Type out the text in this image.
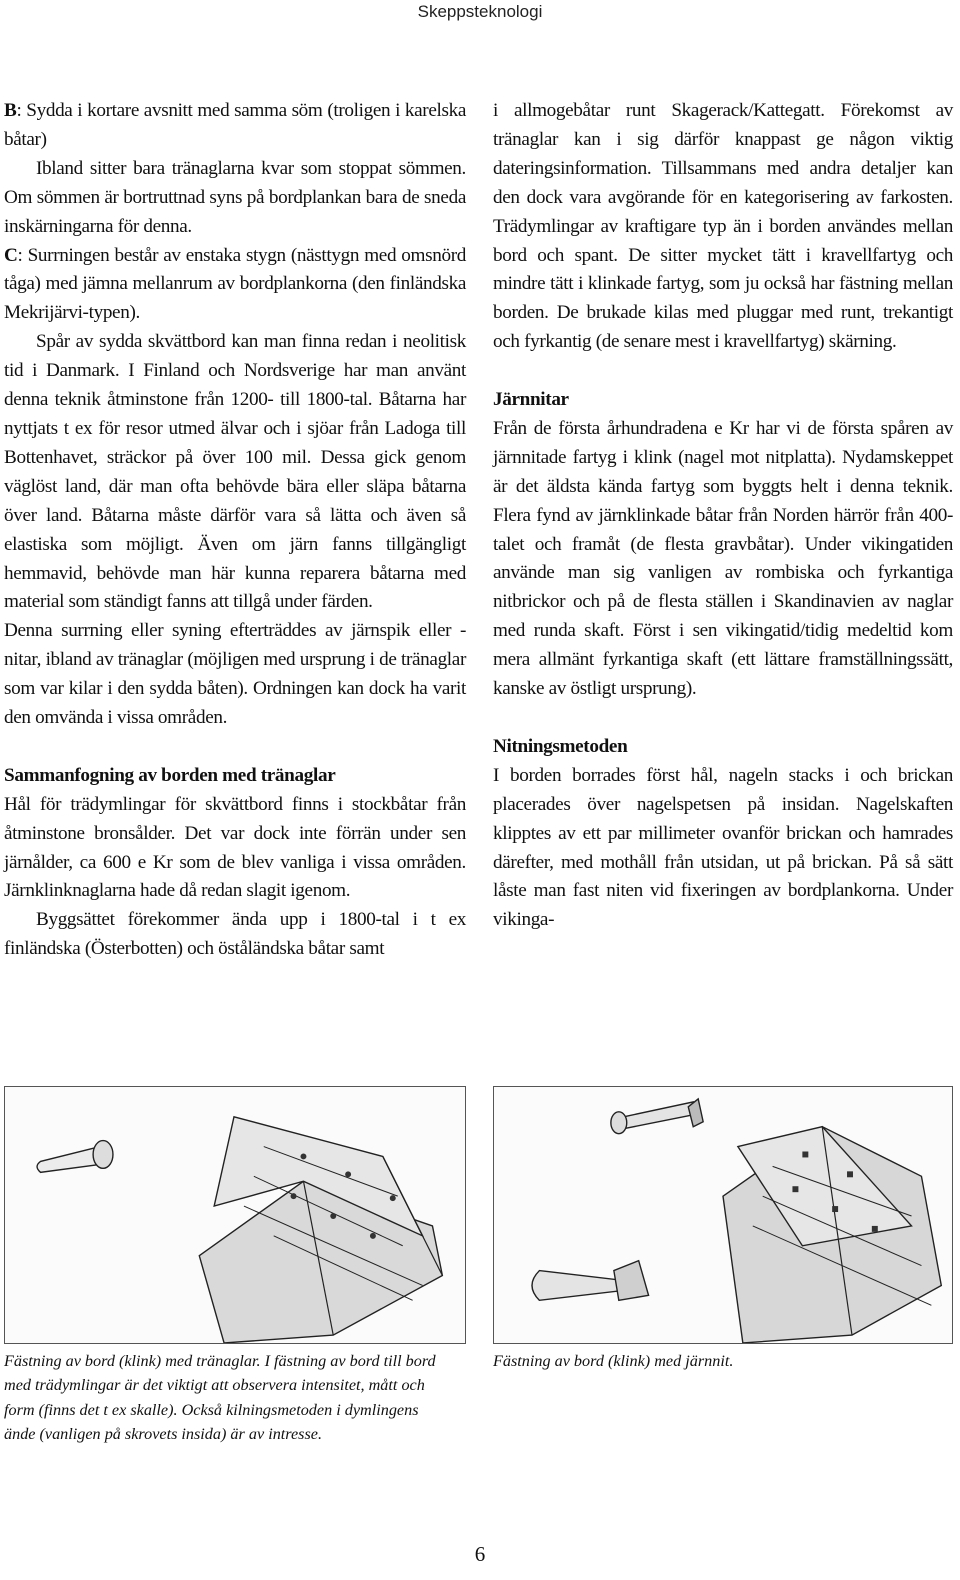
Skeppsteknologi

B: Sydda i kortare avsnitt med samma söm (troligen i karelska båtar)

Ibland sitter bara tränaglarna kvar som stoppat sömmen. Om sömmen är bortruttnad syns på bordplankan bara de sneda inskärningarna för denna.

C: Surrningen består av enstaka stygn (nästtygn med omsnörd tåga) med jämna mellanrum av bordplankorna (den finländska Mekrijärvi-typen).

Spår av sydda skvättbord kan man finna redan i neolitisk tid i Danmark. I Finland och Nordsverige har man använt denna teknik åtminstone från 1200- till 1800-tal. Båtarna har nyttjats t ex för resor utmed älvar och i sjöar från Ladoga till Bottenhavet, sträckor på över 100 mil. Dessa gick genom väglöst land, där man ofta behövde bära eller släpa båtarna över land. Båtarna måste därför vara så lätta och även så elastiska som möjligt. Även om järn fanns tillgängligt hemmavid, behövde man här kunna reparera båtarna med material som ständigt fanns att tillgå under färden.

Denna surrning eller syning efterträddes av järnspik eller -nitar, ibland av tränaglar (möjligen med ursprung i de tränaglar som var kilar i den sydda båten). Ordningen kan dock ha varit den omvända i vissa områden.

Sammanfogning av borden med tränaglar

Hål för trädymlingar för skvättbord finns i stockbåtar från åtminstone bronsålder. Det var dock inte förrän under sen järnålder, ca 600 e Kr som de blev vanliga i vissa områden. Järnklinknaglarna hade då redan slagit igenom.

Byggsättet förekommer ända upp i 1800-tal i t ex finländska (Österbotten) och öståländska båtar samt

i allmogebåtar runt Skagerack/Kattegatt. Förekomst av tränaglar kan i sig därför knappast ge någon viktig dateringsinformation. Tillsammans med andra detaljer kan den dock vara avgörande för en kategorisering av farkosten. Trädymlingar av kraftigare typ än i borden användes mellan bord och spant. De sitter mycket tätt i kravellfartyg och mindre tätt i klinkade fartyg, som ju också har fästning mellan borden. De brukade kilas med pluggar med runt, trekantigt och fyrkantig (de senare mest i kravellfartyg) skärning.

Järnnitar

Från de första århundradena e Kr har vi de första spåren av järnnitade fartyg i klink (nagel mot nitplatta). Nydamskeppet är det äldsta kända fartyg som byggts helt i denna teknik. Flera fynd av järnklinkade båtar från Norden härrör från 400-talet och framåt (de flesta gravbåtar). Under vikingatiden använde man sig vanligen av rombiska och fyrkantiga nitbrickor och på de flesta ställen i Skandinavien av naglar med runda skaft. Först i sen vikingatid/tidig medeltid kom mera allmänt fyrkantiga skaft (ett lättare framställningssätt, kanske av östligt ursprung).

Nitningsmetoden

I borden borrades först hål, nageln stacks i och brickan placerades över nagelspetsen på insidan. Nagelskaften klipptes av ett par millimeter ovanför brickan och hamrades därefter, med mothåll från utsidan, ut på brickan. På så sätt låste man fast niten vid fixeringen av bordplankorna. Under vikinga-

Fästning av bord (klink) med tränaglar. I fästning av bord till bord med trädymlingar är det viktigt att observera intensitet, mått och form (finns det t ex skalle). Också kilningsmetoden i dymlingens ände (vanligen på skrovets insida) är av intresse.
Fästning av bord (klink) med järnnit.
6
